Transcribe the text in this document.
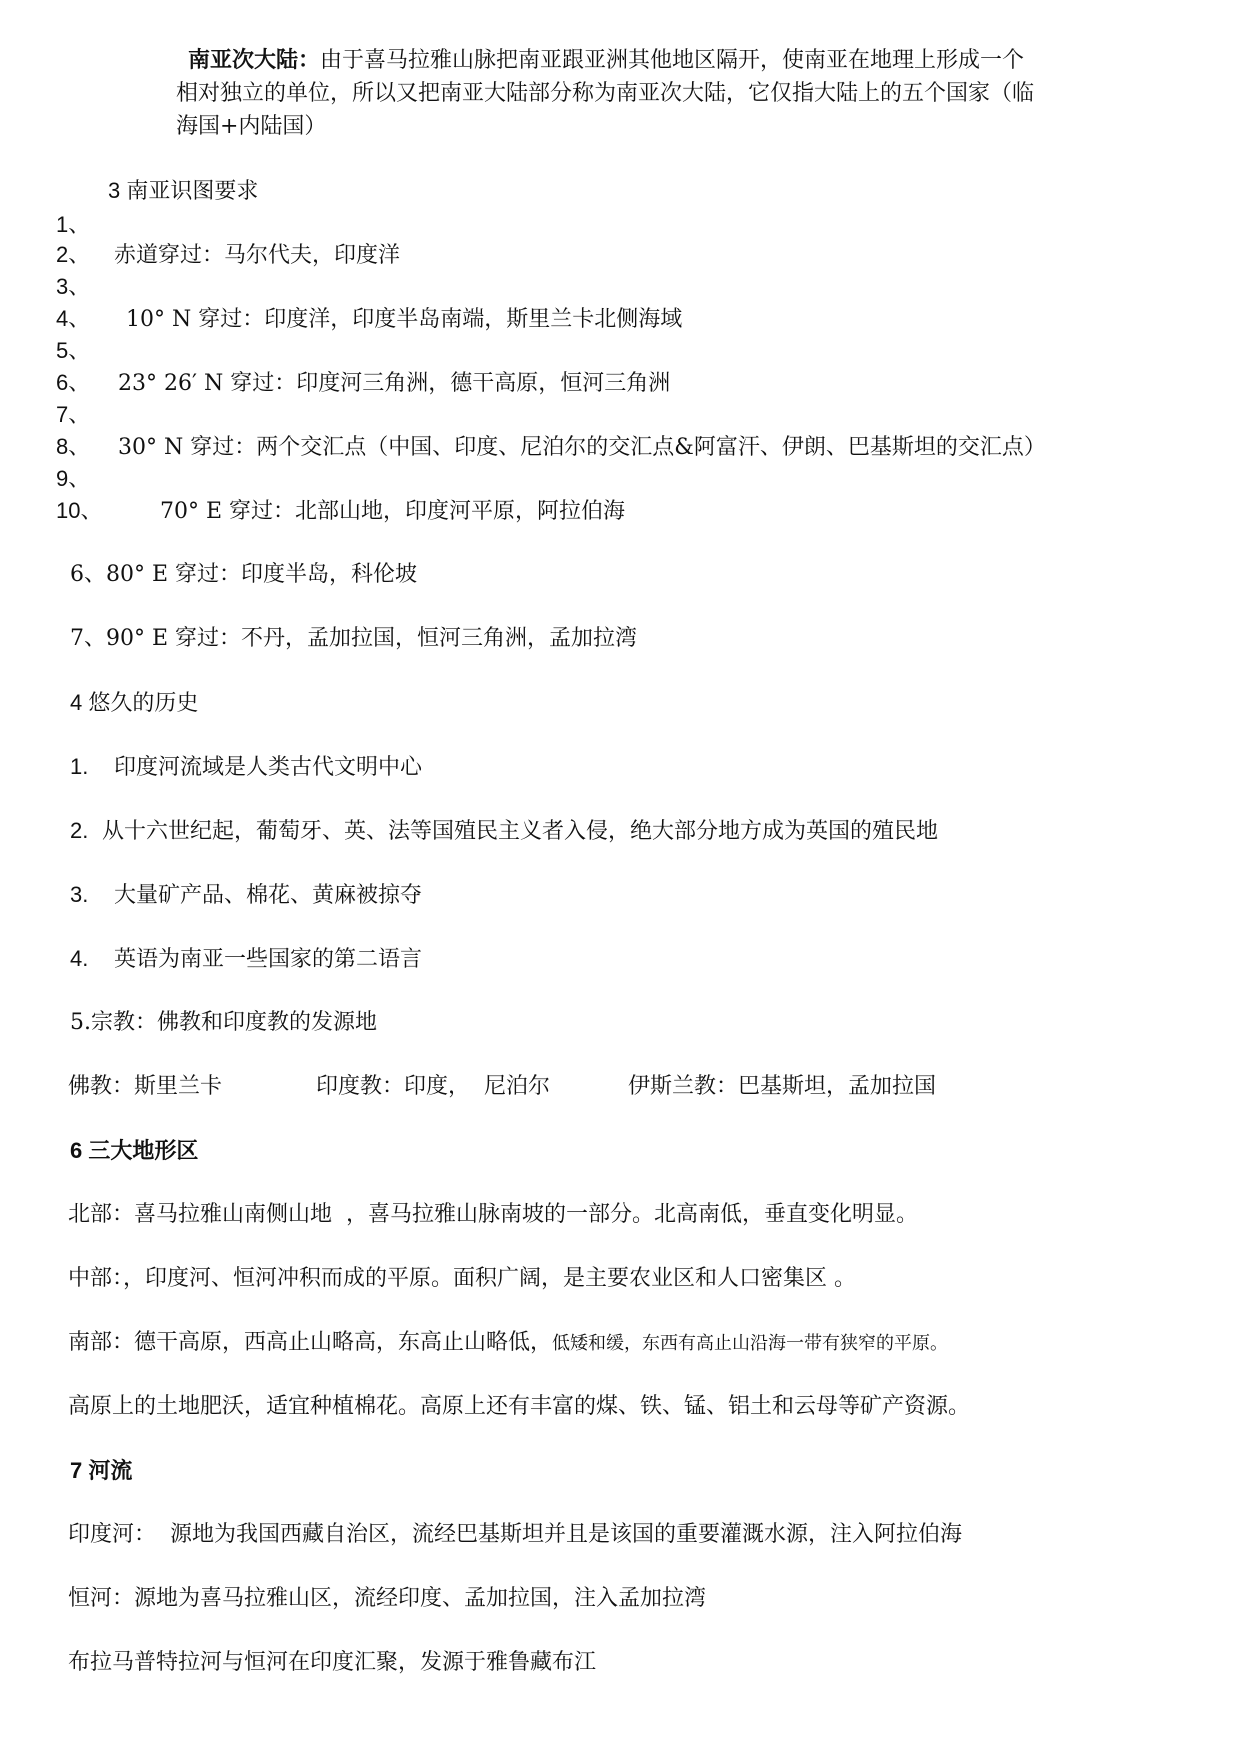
南亚次大陆：由于喜马拉雅山脉把南亚跟亚洲其他地区隔开，使南亚在地理上形成一个
相对独立的单位，所以又把南亚大陆部分称为南亚次大陆，它仅指大陆上的五个国家（临
海国+内陆国）
3 南亚识图要求
1、
2、 赤道穿过：马尔代夫，印度洋
3、
4、 10° N 穿过：印度洋，印度半岛南端，斯里兰卡北侧海域
5、
6、 23° 26′ N 穿过：印度河三角洲，德干高原，恒河三角洲
7、
8、 30° N 穿过：两个交汇点（中国、印度、尼泊尔的交汇点&阿富汗、伊朗、巴基斯坦的交汇点）
9、
10、	70° E 穿过：北部山地，印度河平原，阿拉伯海
6、80° E 穿过：印度半岛，科伦坡
7、90° E 穿过：不丹，孟加拉国，恒河三角洲，孟加拉湾
4 悠久的历史
1. 印度河流域是人类古代文明中心
2. 从十六世纪起，葡萄牙、英、法等国殖民主义者入侵，绝大部分地方成为英国的殖民地
3. 大量矿产品、棉花、黄麻被掠夺
4. 英语为南亚一些国家的第二语言
5.宗教：佛教和印度教的发源地
佛教：斯里兰卡	印度教：印度，  尼泊尔	伊斯兰教：巴基斯坦，孟加拉国
6 三大地形区
北部：喜马拉雅山南侧山地  ，喜马拉雅山脉南坡的一部分。北高南低，垂直变化明显。
中部：，印度河、恒河冲积而成的平原。面积广阔，是主要农业区和人口密集区 。
南部：德干高原，西高止山略高，东高止山略低，低矮和缓，东西有高止山沿海一带有狭窄的平原。
高原上的土地肥沃，适宜种植棉花。高原上还有丰富的煤、铁、锰、铝土和云母等矿产资源。
7 河流
印度河：  源地为我国西藏自治区，流经巴基斯坦并且是该国的重要灌溉水源，注入阿拉伯海
恒河：源地为喜马拉雅山区，流经印度、孟加拉国，注入孟加拉湾
布拉马普特拉河与恒河在印度汇聚，发源于雅鲁藏布江
